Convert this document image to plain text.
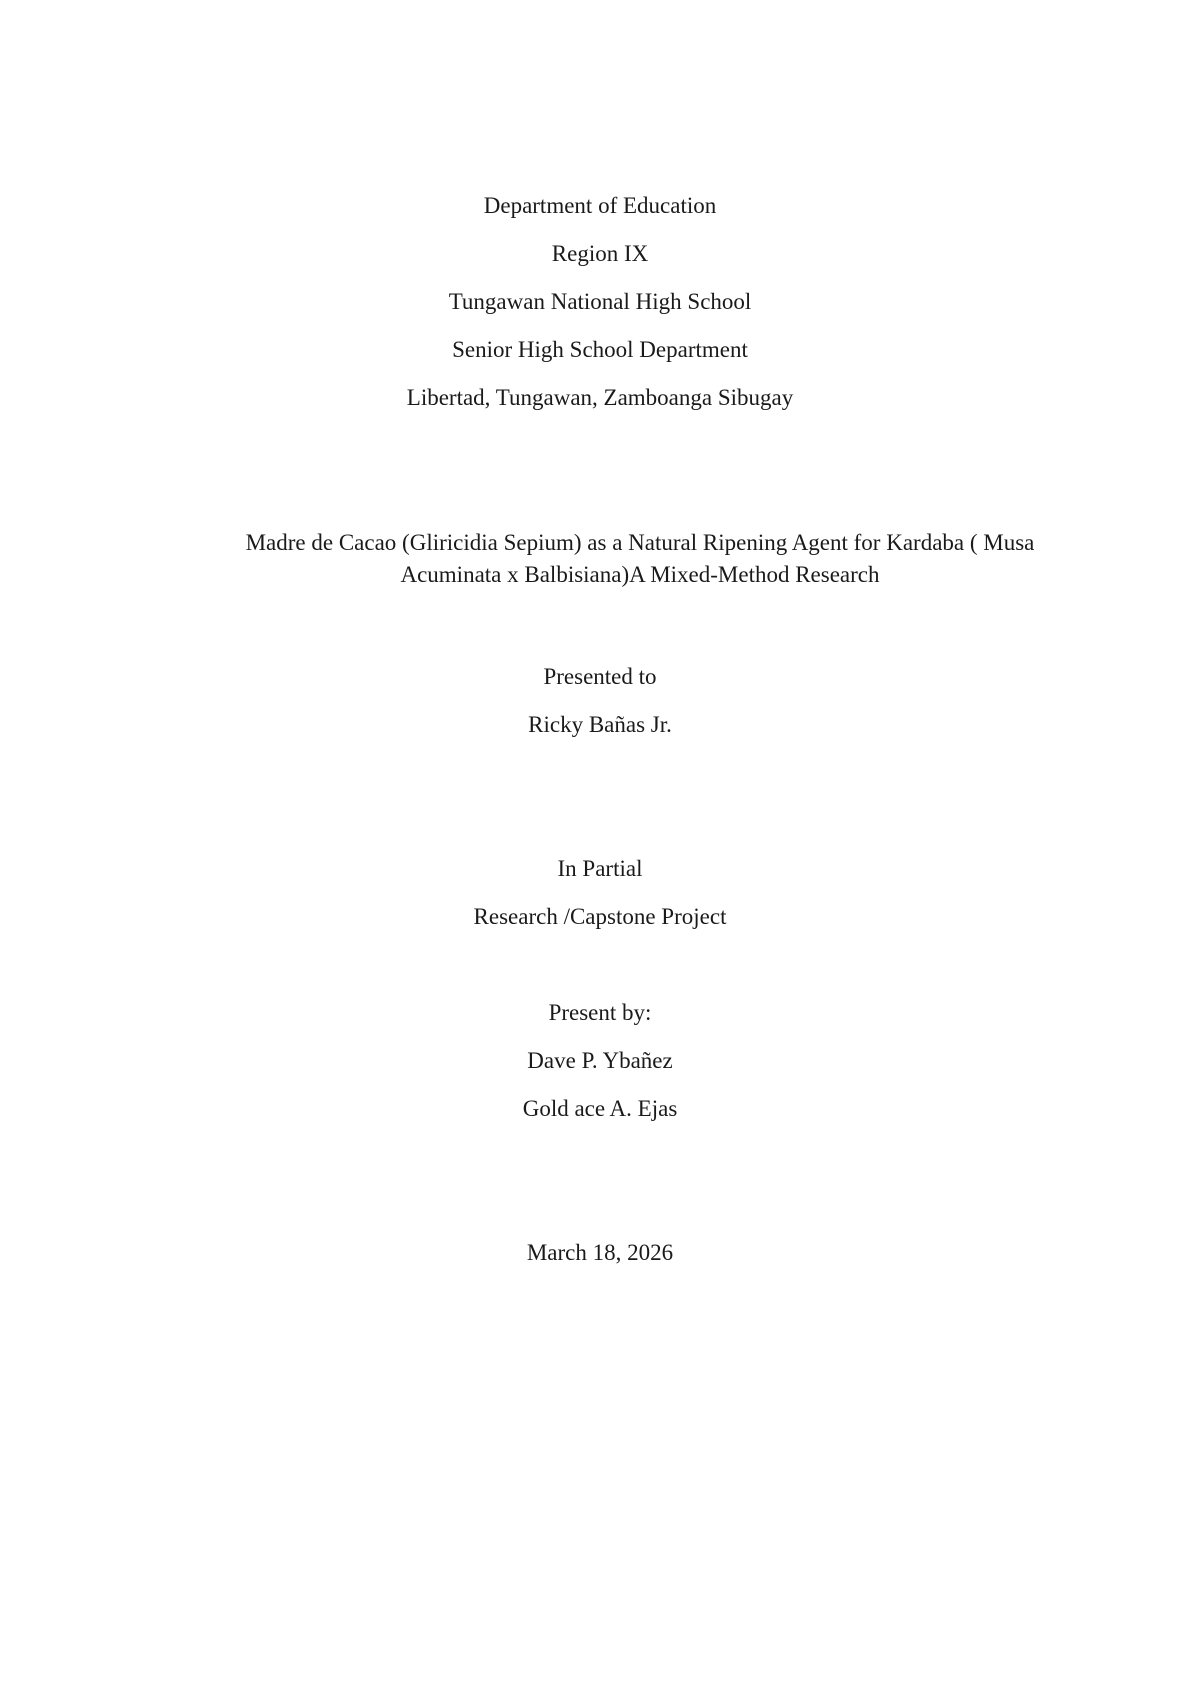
Department of Education
Region IX
Tungawan National High School
Senior High School Department
Libertad, Tungawan, Zamboanga Sibugay
Madre de Cacao (Gliricidia Sepium) as a Natural Ripening Agent for Kardaba ( Musa
Acuminata x Balbisiana)A Mixed-Method Research
Presented to
Ricky Bañas Jr.
In Partial
Research /Capstone Project
Present by:
Dave P. Ybañez
Gold ace A. Ejas
March 18, 2026
